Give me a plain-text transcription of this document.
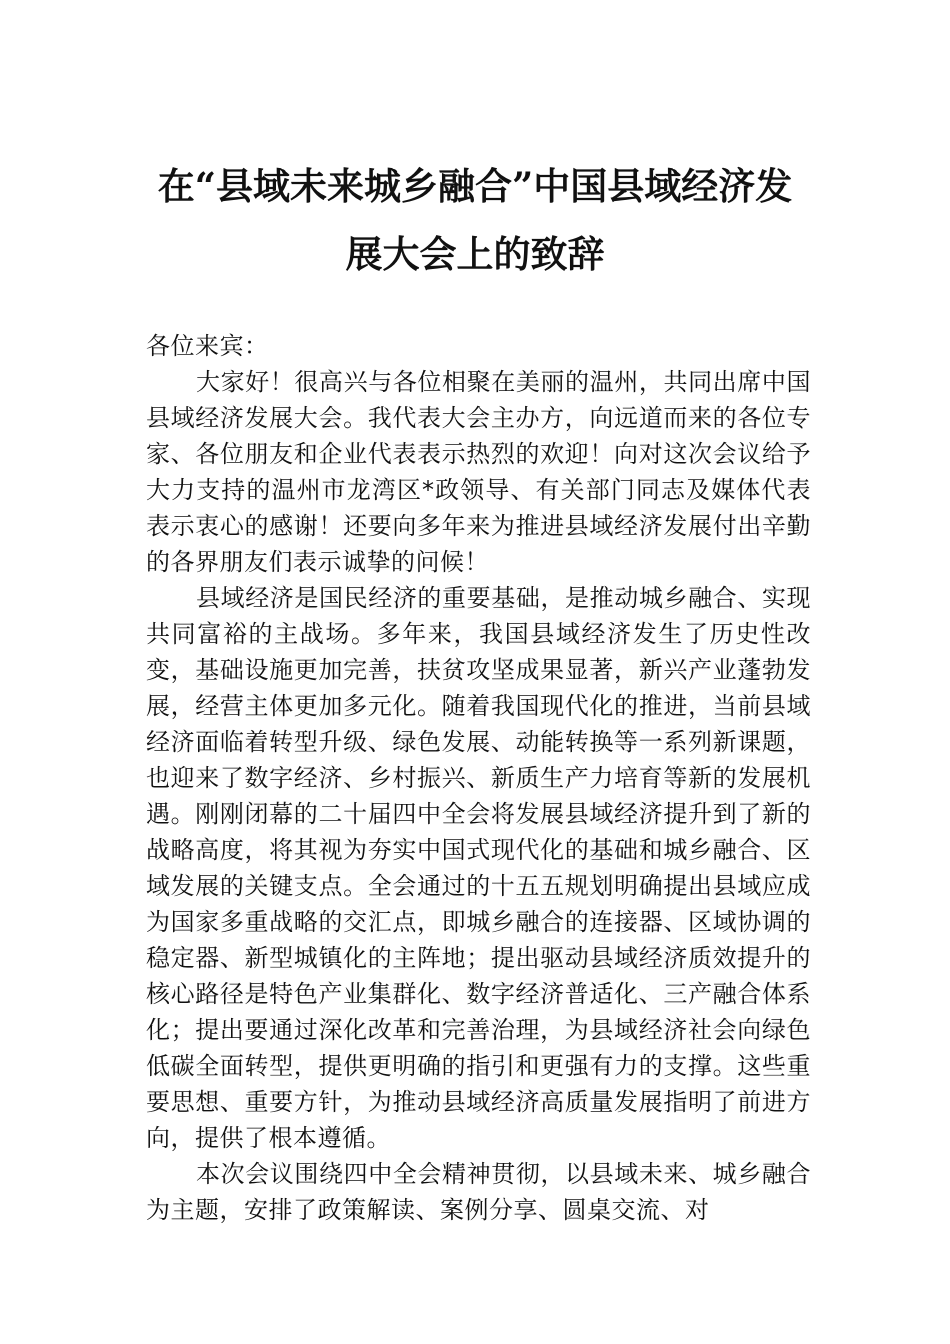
在“县域未来城乡融合”中国县域经济发
展大会上的致辞

各位来宾：

大家好！很高兴与各位相聚在美丽的温州，共同出席中国县域经济发展大会。我代表大会主办方，向远道而来的各位专家、各位朋友和企业代表表示热烈的欢迎！向对这次会议给予大力支持的温州市龙湾区*政领导、有关部门同志及媒体代表表示衷心的感谢！还要向多年来为推进县域经济发展付出辛勤的各界朋友们表示诚挚的问候！

县域经济是国民经济的重要基础，是推动城乡融合、实现共同富裕的主战场。多年来，我国县域经济发生了历史性改变，基础设施更加完善，扶贫攻坚成果显著，新兴产业蓬勃发展，经营主体更加多元化。随着我国现代化的推进，当前县域经济面临着转型升级、绿色发展、动能转换等一系列新课题，也迎来了数字经济、乡村振兴、新质生产力培育等新的发展机遇。刚刚闭幕的二十届四中全会将发展县域经济提升到了新的战略高度，将其视为夯实中国式现代化的基础和城乡融合、区域发展的关键支点。全会通过的十五五规划明确提出县域应成为国家多重战略的交汇点，即城乡融合的连接器、区域协调的稳定器、新型城镇化的主阵地；提出驱动县域经济质效提升的核心路径是特色产业集群化、数字经济普适化、三产融合体系化；提出要通过深化改革和完善治理，为县域经济社会向绿色低碳全面转型，提供更明确的指引和更强有力的支撑。这些重要思想、重要方针，为推动县域经济高质量发展指明了前进方向，提供了根本遵循。

本次会议围绕四中全会精神贯彻，以县域未来、城乡融合为主题，安排了政策解读、案例分享、圆桌交流、对
